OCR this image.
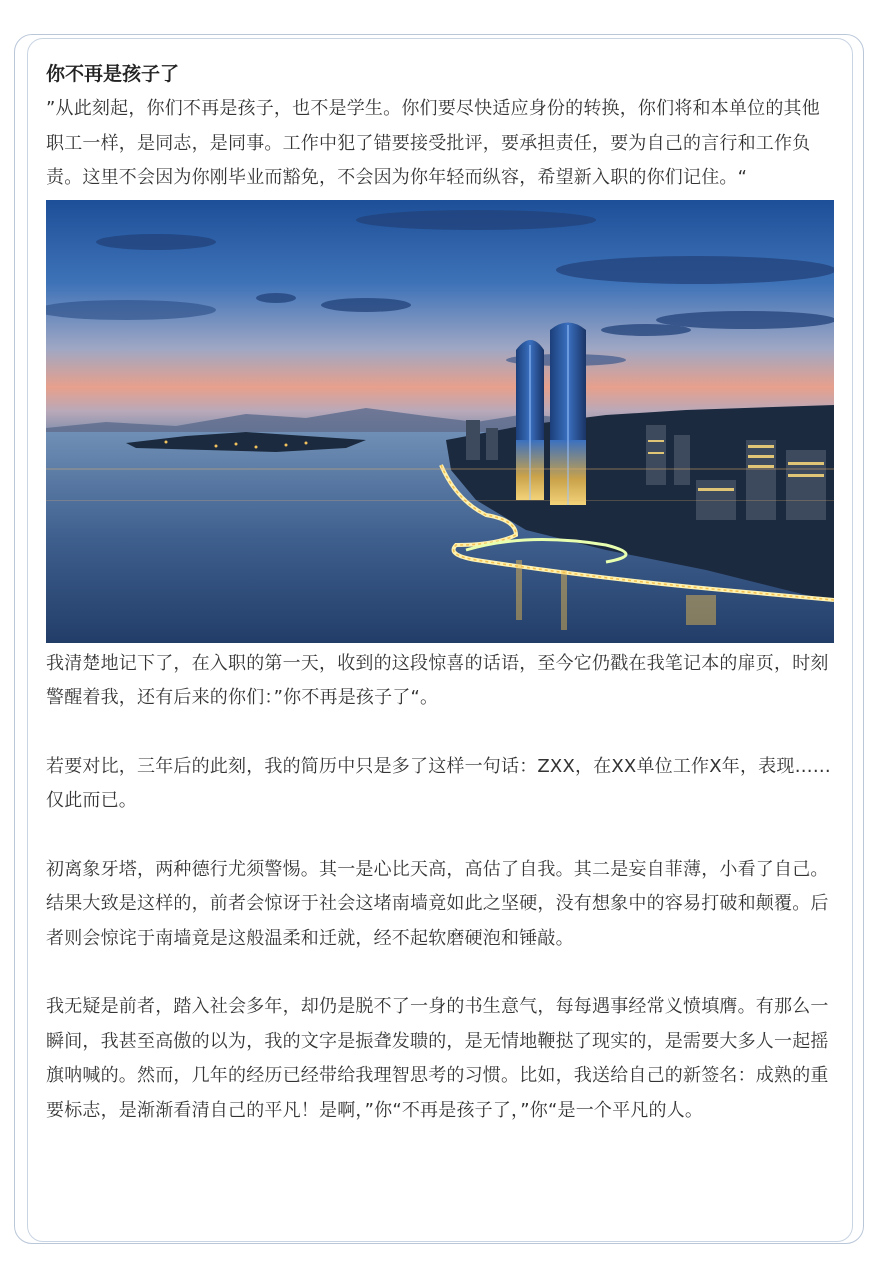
你不再是孩子了

”从此刻起，你们不再是孩子，也不是学生。你们要尽快适应身份的转换，你们将和本单位的其他职工一样，是同志，是同事。工作中犯了错要接受批评，要承担责任，要为自己的言行和工作负责。这里不会因为你刚毕业而豁免，不会因为你年轻而纵容，希望新入职的你们记住。“

我清楚地记下了，在入职的第一天，收到的这段惊喜的话语，至今它仍戳在我笔记本的扉页，时刻警醒着我，还有后来的你们：”你不再是孩子了“。

若要对比，三年后的此刻，我的简历中只是多了这样一句话：ZXX，在XX单位工作X年，表现……仅此而已。

初离象牙塔，两种德行尤须警惕。其一是心比天高，高估了自我。其二是妄自菲薄，小看了自己。结果大致是这样的，前者会惊讶于社会这堵南墙竟如此之坚硬，没有想象中的容易打破和颠覆。后者则会惊诧于南墙竟是这般温柔和迁就，经不起软磨硬泡和锤敲。

我无疑是前者，踏入社会多年，却仍是脱不了一身的书生意气，每每遇事经常义愤填膺。有那么一瞬间，我甚至高傲的以为，我的文字是振聋发聩的，是无情地鞭挞了现实的，是需要大多人一起摇旗呐喊的。然而，几年的经历已经带给我理智思考的习惯。比如，我送给自己的新签名：成熟的重要标志，是渐渐看清自己的平凡！是啊，”你“不再是孩子了，”你“是一个平凡的人。
